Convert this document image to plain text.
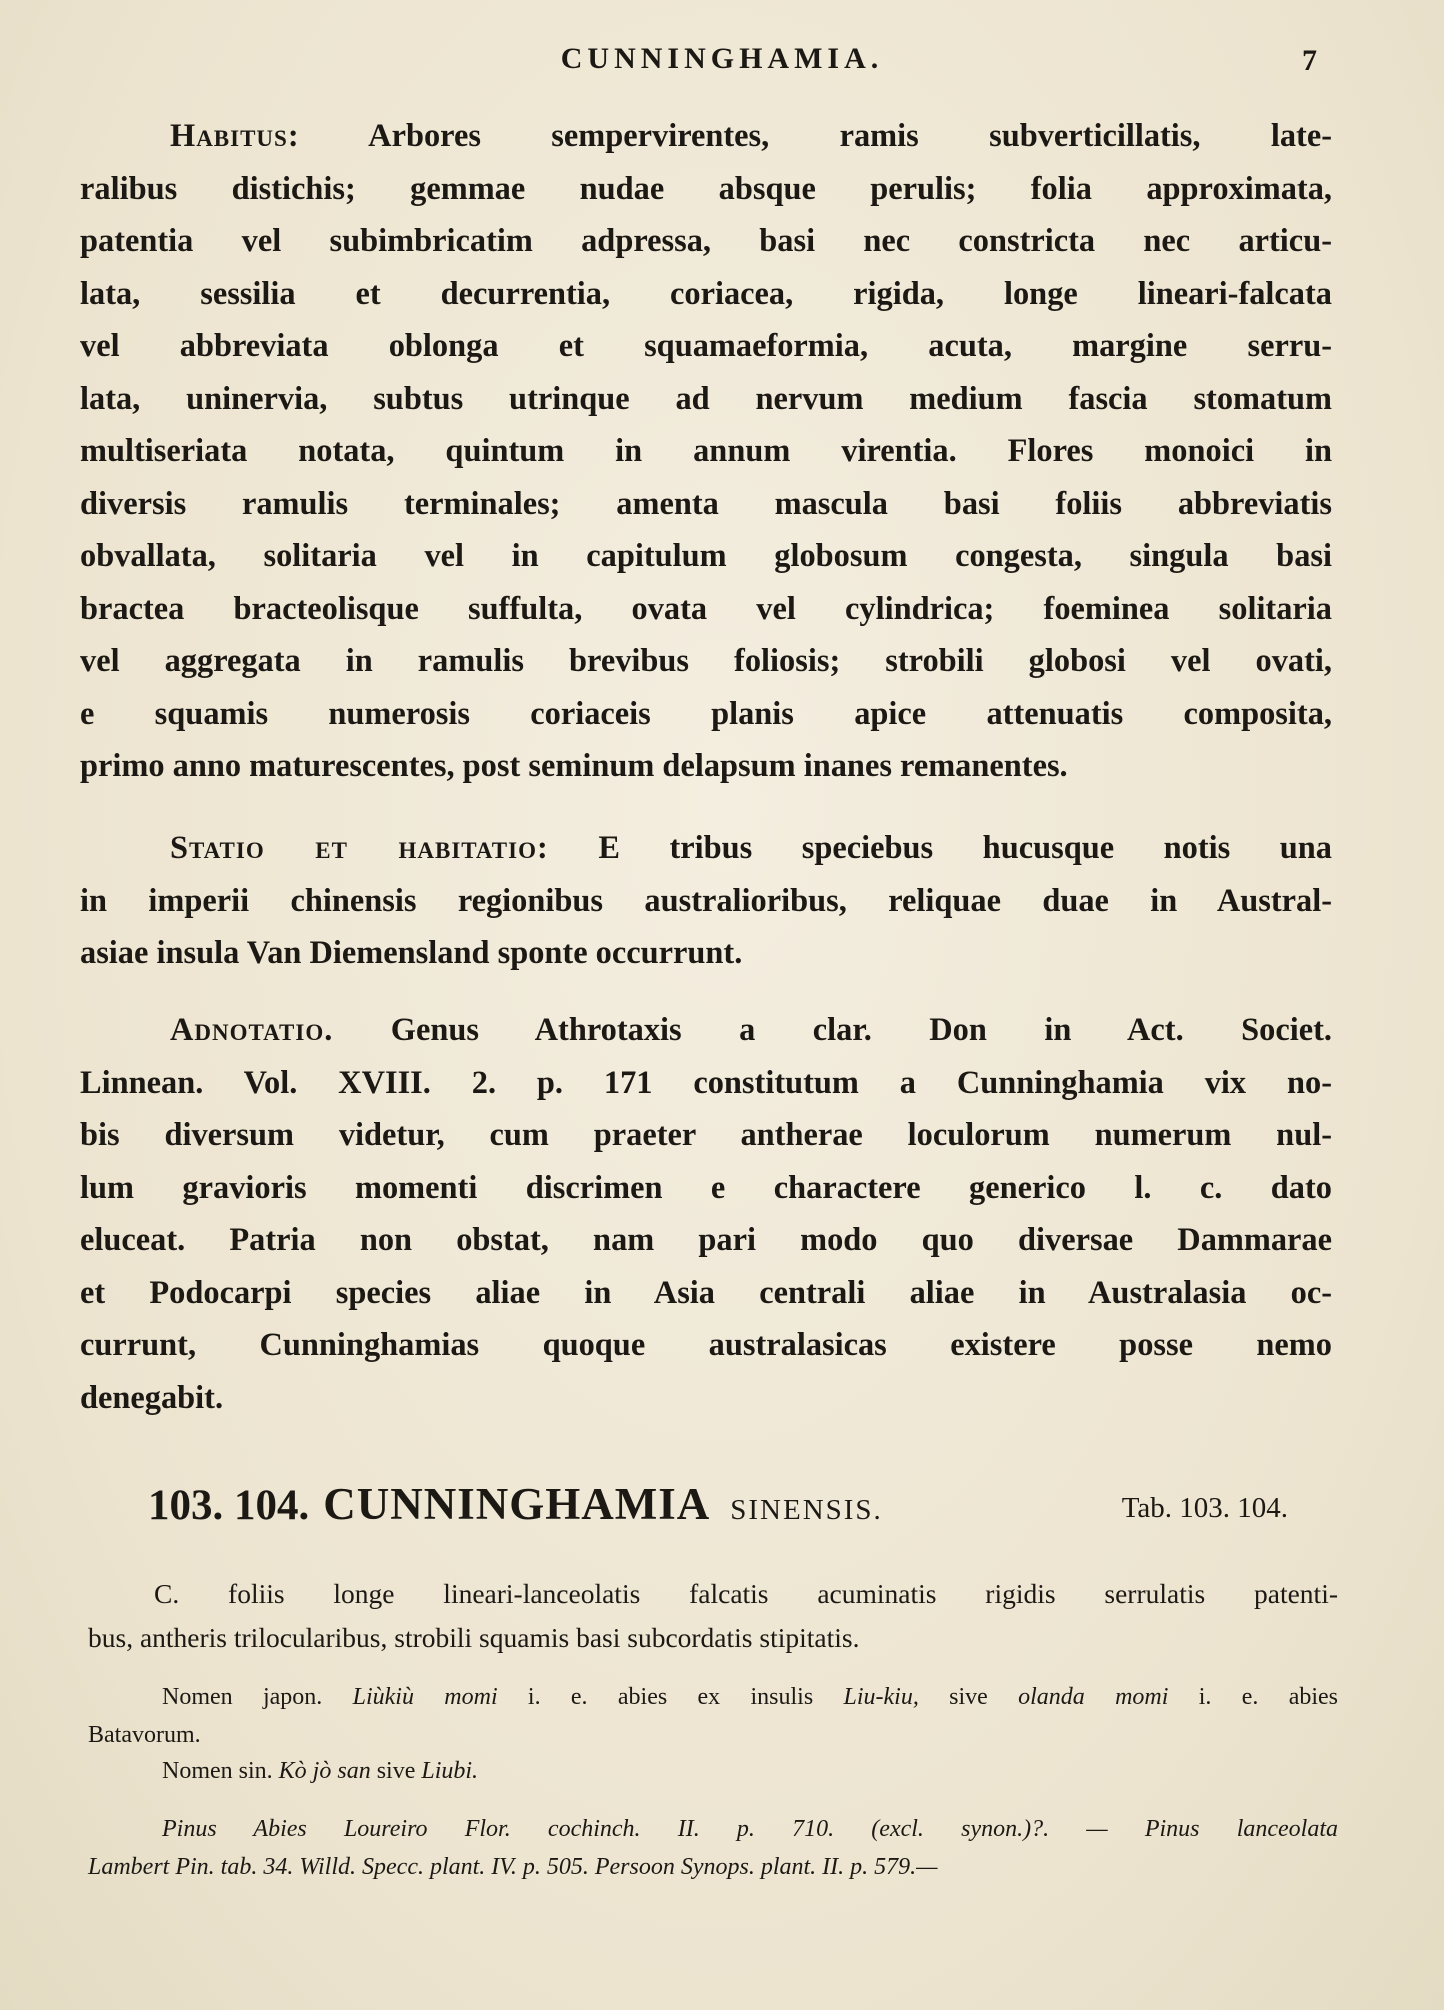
CUNNINGHAMIA.	7
Habitus: Arbores sempervirentes, ramis subverticillatis, late-
ralibus distichis; gemmae nudae absque perulis; folia approximata,
patentia vel subimbricatim adpressa, basi nec constricta nec articu-
lata, sessilia et decurrentia, coriacea, rigida, longe lineari-falcata
vel abbreviata oblonga et squamaeformia, acuta, margine serru-
lata, uninervia, subtus utrinque ad nervum medium fascia stomatum
multiseriata notata, quintum in annum virentia. Flores monoici in
diversis ramulis terminales; amenta mascula basi foliis abbreviatis
obvallata, solitaria vel in capitulum globosum congesta, singula basi
bractea bracteolisque suffulta, ovata vel cylindrica; foeminea solitaria
vel aggregata in ramulis brevibus foliosis; strobili globosi vel ovati,
e squamis numerosis coriaceis planis apice attenuatis composita,
primo anno maturescentes, post seminum delapsum inanes remanentes.
Statio et habitatio: E tribus speciebus hucusque notis una
in imperii chinensis regionibus australioribus, reliquae duae in Austral-
asiae insula Van Diemensland sponte occurrunt.
Adnotatio. Genus Athrotaxis a clar. Don in Act. Societ.
Linnean. Vol. XVIII. 2. p. 171 constitutum a Cunninghamia vix no-
bis diversum videtur, cum praeter antherae loculorum numerum nul-
lum gravioris momenti discrimen e charactere generico l. c. dato
eluceat. Patria non obstat, nam pari modo quo diversae Dammarae
et Podocarpi species aliae in Asia centrali aliae in Australasia oc-
currunt, Cunninghamias quoque australasicas existere posse nemo
denegabit.
103. 104. CUNNINGHAMIA SINENSIS.	Tab. 103. 104.
C. foliis longe lineari-lanceolatis falcatis acuminatis rigidis serrulatis patenti-
bus, antheris trilocularibus, strobili squamis basi subcordatis stipitatis.
Nomen japon. Liùkiù momi i. e. abies ex insulis Liu-kiu, sive olanda momi i. e. abies
Batavorum.
Nomen sin. Kò jò san sive Liubi.
Pinus Abies Loureiro Flor. cochinch. II. p. 710. (excl. synon.)?. — Pinus lanceolata
Lambert Pin. tab. 34. Willd. Specc. plant. IV. p. 505. Persoon Synops. plant. II. p. 579.—
